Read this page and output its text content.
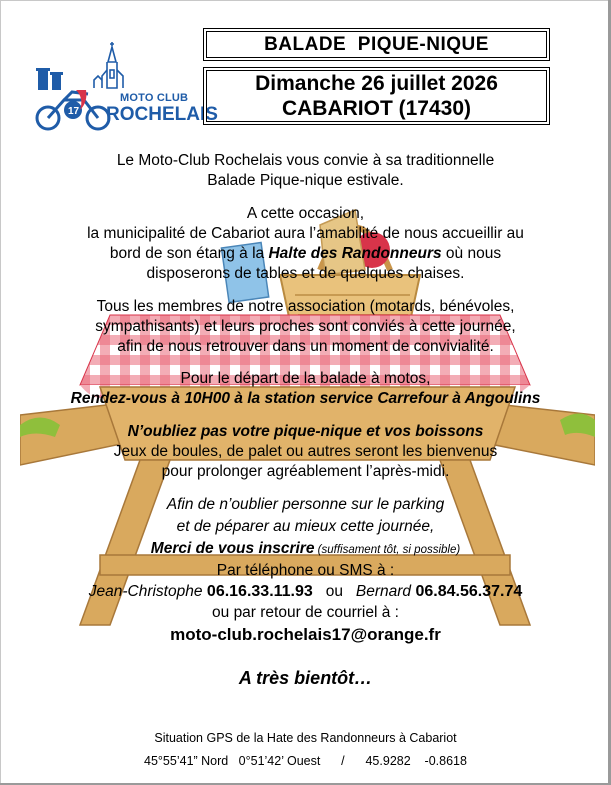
17
MOTO CLUB
ROCHELAIS
BALADE  PIQUE-NIQUE
Dimanche 26 juillet 2026
CABARIOT (17430)
Le Moto-Club Rochelais vous convie à sa traditionnelle
Balade Pique-nique estivale.
A cette occasion,
la municipalité de Cabariot aura l’amabilité de nous accueillir au
bord de son étang à la Halte des Randonneurs où nous
disposerons de tables et de quelques chaises.
Tous les membres de notre association (motards, bénévoles,
sympathisants) et leurs proches sont conviés à cette journée,
afin de nous retrouver dans un moment de convivialité.
Pour le départ de la balade à motos,
Rendez-vous à 10H00 à la station service Carrefour à Angoulins
N’oubliez pas votre pique-nique et vos boissons
Jeux de boules, de palet ou autres seront les bienvenus
pour prolonger agréablement l’après-midi.
Afin de n’oublier personne sur le parking
et de péparer au mieux cette journée,
Merci de vous inscrire (suffisament tôt, si possible)
Par téléphone ou SMS à :
Jean-Christophe 06.16.33.11.93   ou   Bernard 06.84.56.37.74
ou par retour de courriel à :
moto-club.rochelais17@orange.fr
A très bientôt…
Situation GPS de la Hate des Randonneurs à Cabariot
45°55’41” Nord   0°51’42’ Ouest      /      45.9282    -0.8618
